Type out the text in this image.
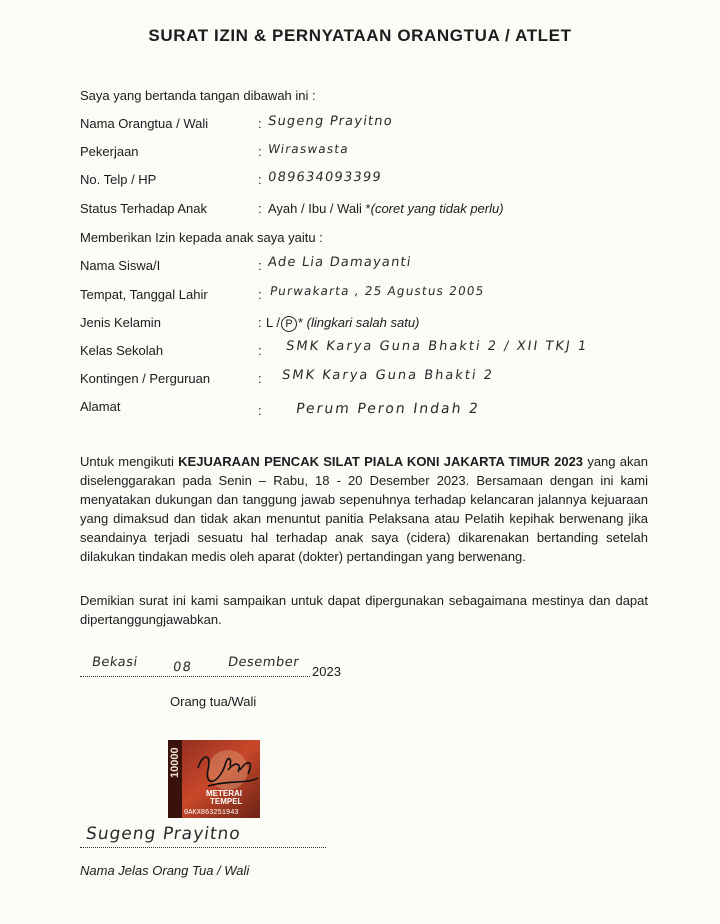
SURAT IZIN & PERNYATAAN ORANGTUA / ATLET
Saya yang bertanda tangan dibawah ini :
Nama Orangtua / Wali	: Sugeng Prayitno
Pekerjaan	: Wiraswasta
No. Telp / HP	: 089634093399
Status Terhadap Anak	: Ayah / Ibu / Wali *(coret yang tidak perlu)
Memberikan Izin kepada anak saya yaitu :
Nama Siswa/I	: Ade Lia Damayanti
Tempat, Tanggal Lahir	: Purwakarta , 25 Agustus 2005
Jenis Kelamin	: L / P * (lingkari salah satu)
Kelas Sekolah	: SMK Karya Guna Bhakti 2 / XII TKJ 1
Kontingen / Perguruan	: SMK Karya Guna Bhakti 2
Alamat	: Perum Peron Indah 2
Untuk mengikuti KEJUARAAN PENCAK SILAT PIALA KONI JAKARTA TIMUR 2023 yang akan diselenggarakan pada Senin – Rabu, 18 - 20 Desember 2023. Bersamaan dengan ini kami menyatakan dukungan dan tanggung jawab sepenuhnya terhadap kelancaran jalannya kejuaraan yang dimaksud dan tidak akan menuntut panitia Pelaksana atau Pelatih kepihak berwenang jika seandainya terjadi sesuatu hal terhadap anak saya (cidera) dikarenakan bertanding setelah dilakukan tindakan medis oleh aparat (dokter) pertandingan yang berwenang.
Demikian surat ini kami sampaikan untuk dapat dipergunakan sebagaimana mestinya dan dapat dipertanggungjawabkan.
Bekasi	08	Desember
2023
Orang tua/Wali
10000
METERAI
TEMPEL
0AKX863251943
Sugeng Prayitno
Nama Jelas Orang Tua / Wali
